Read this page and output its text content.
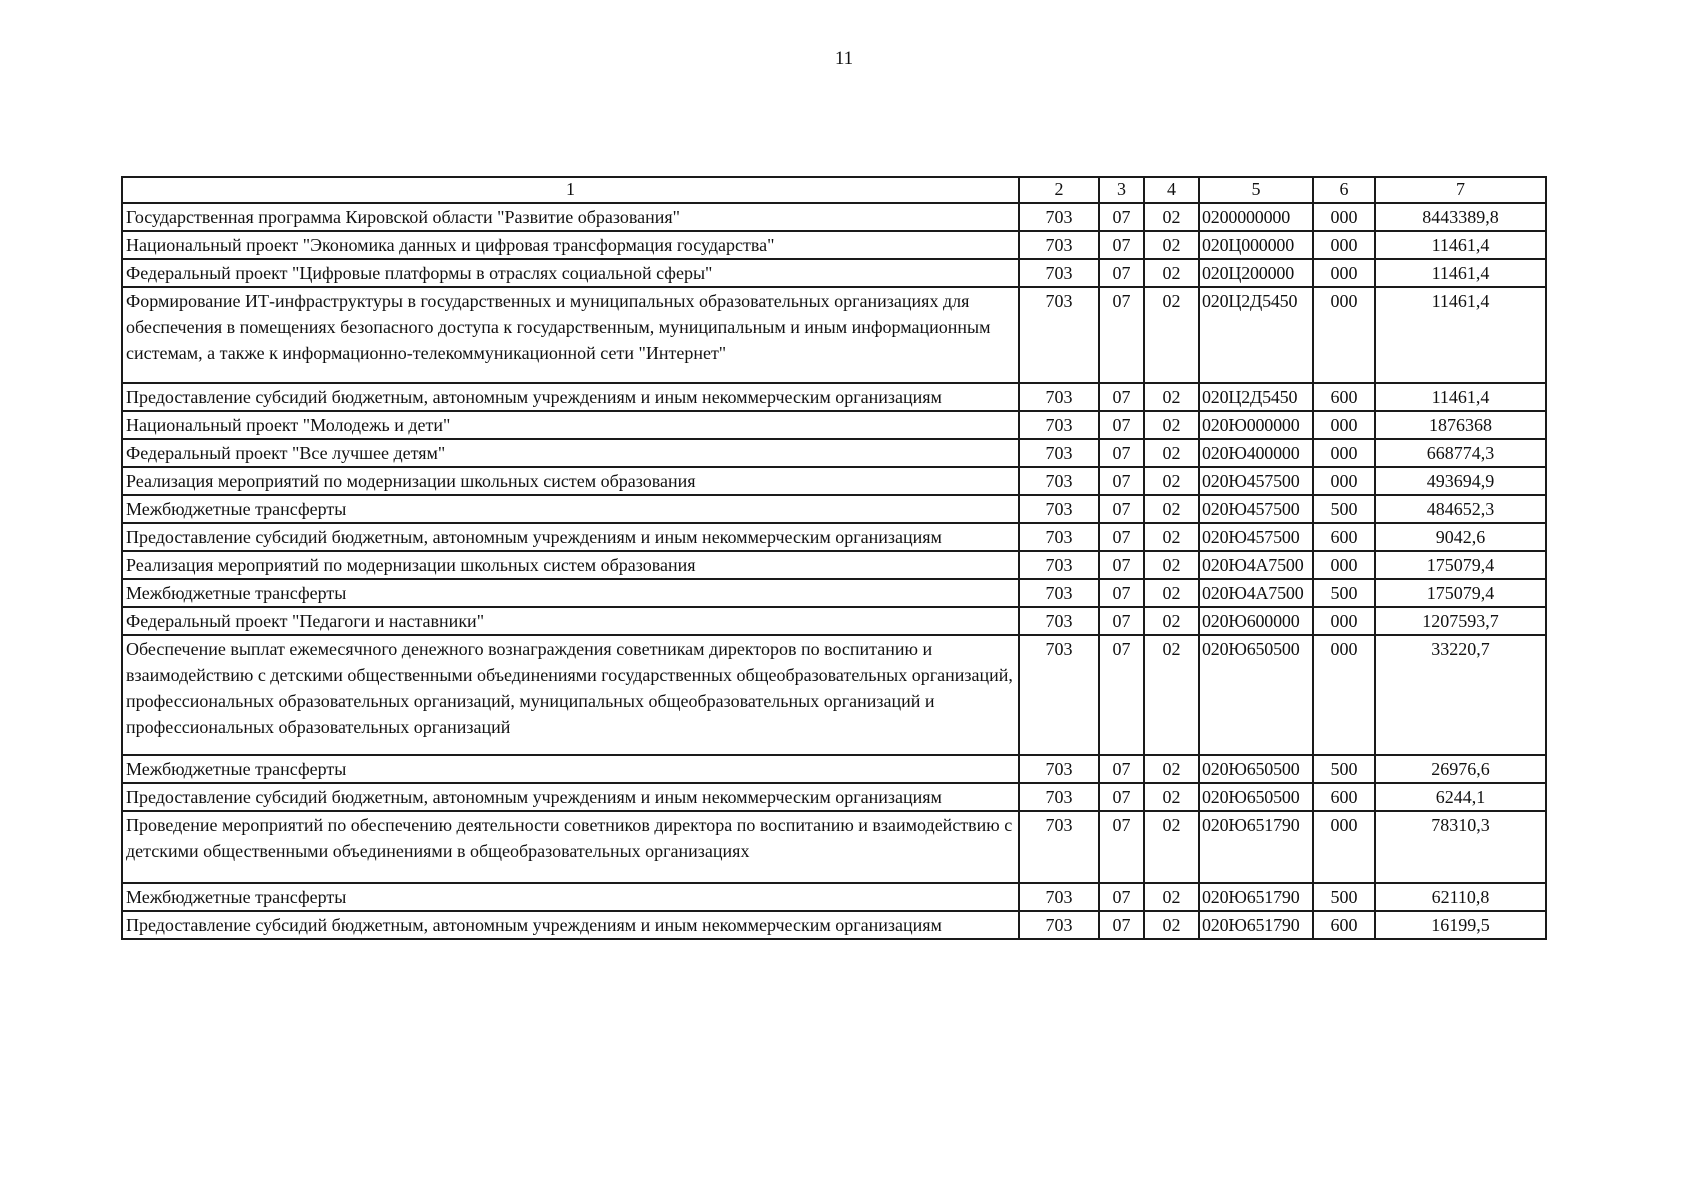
11
1	2	3	4	5	6	7
Государственная программа Кировской области "Развитие образования"	703	07	02	0200000000	000	8443389,8
Национальный проект "Экономика данных и цифровая трансформация государства"	703	07	02	020Ц000000	000	11461,4
Федеральный проект "Цифровые платформы в отраслях социальной сферы"	703	07	02	020Ц200000	000	11461,4
Формирование ИТ-инфраструктуры в государственных и муниципальных образовательных организациях для обеспечения в помещениях безопасного доступа к государственным, муниципальным и иным информационным системам, а также к информационно-телекоммуникационной сети "Интернет"	703	07	02	020Ц2Д5450	000	11461,4
Предоставление субсидий бюджетным, автономным учреждениям и иным некоммерческим организациям	703	07	02	020Ц2Д5450	600	11461,4
Национальный проект "Молодежь и дети"	703	07	02	020Ю000000	000	1876368
Федеральный проект "Все лучшее детям"	703	07	02	020Ю400000	000	668774,3
Реализация мероприятий по модернизации школьных систем образования	703	07	02	020Ю457500	000	493694,9
Межбюджетные трансферты	703	07	02	020Ю457500	500	484652,3
Предоставление субсидий бюджетным, автономным учреждениям и иным некоммерческим организациям	703	07	02	020Ю457500	600	9042,6
Реализация мероприятий по модернизации школьных систем образования	703	07	02	020Ю4А7500	000	175079,4
Межбюджетные трансферты	703	07	02	020Ю4А7500	500	175079,4
Федеральный проект "Педагоги и наставники"	703	07	02	020Ю600000	000	1207593,7
Обеспечение выплат ежемесячного денежного вознаграждения советникам директоров по воспитанию и взаимодействию с детскими общественными объединениями государственных общеобразовательных организаций, профессиональных образовательных организаций, муниципальных общеобразовательных организаций и профессиональных образовательных организаций	703	07	02	020Ю650500	000	33220,7
Межбюджетные трансферты	703	07	02	020Ю650500	500	26976,6
Предоставление субсидий бюджетным, автономным учреждениям и иным некоммерческим организациям	703	07	02	020Ю650500	600	6244,1
Проведение мероприятий по обеспечению деятельности советников директора по воспитанию и взаимодействию с детскими общественными объединениями в общеобразовательных организациях	703	07	02	020Ю651790	000	78310,3
Межбюджетные трансферты	703	07	02	020Ю651790	500	62110,8
Предоставление субсидий бюджетным, автономным учреждениям и иным некоммерческим организациям	703	07	02	020Ю651790	600	16199,5
